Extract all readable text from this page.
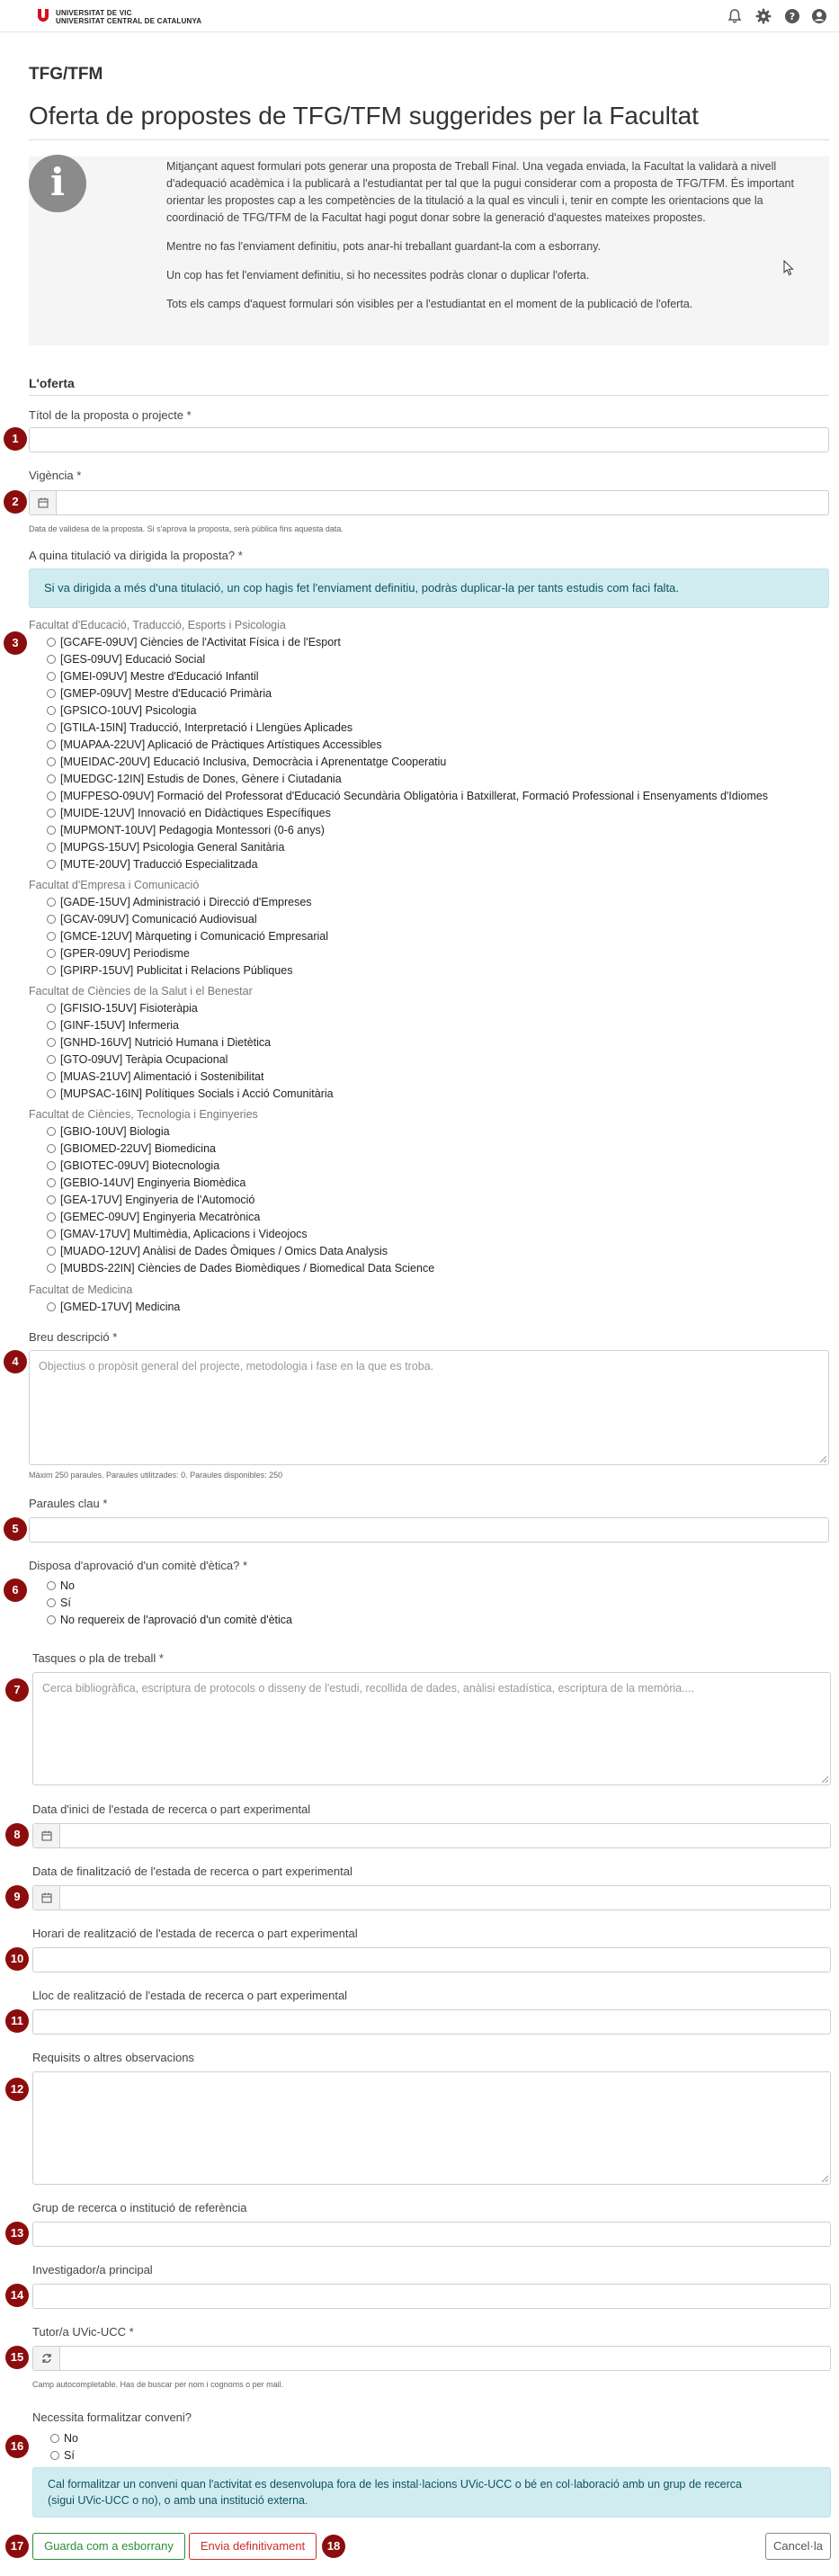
UNIVERSITAT DE VIC
UNIVERSITAT CENTRAL DE CATALUNYA	?
TFG/TFM
Oferta de propostes de TFG/TFM suggerides per la Facultat
i	Mitjançant aquest formulari pots generar una proposta de Treball Final. Una vegada enviada, la Facultat la validarà a nivell d'adequació acadèmica i la publicarà a l'estudiantat per tal que la pugui considerar com a proposta de TFG/TFM. És important orientar les propostes cap a les competències de la titulació a la qual es vinculi i, tenir en compte les orientacions que la coordinació de TFG/TFM de la Facultat hagi pogut donar sobre la generació d'aquestes mateixes propostes.

Mentre no fas l'enviament definitiu, pots anar-hi treballant guardant-la com a esborrany.

Un cop has fet l'enviament definitiu, si ho necessites podràs clonar o duplicar l'oferta.

Tots els camps d'aquest formulari són visibles per a l'estudiantat en el moment de la publicació de l'oferta.

L'oferta
Títol de la proposta o projecte *
1
Vigència *
2
Data de validesa de la proposta. Si s'aprova la proposta, serà pública fins aquesta data.
A quina titulació va dirigida la proposta? *
Si va dirigida a més d'una titulació, un cop hagis fet l'enviament definitiu, podràs duplicar-la per tants estudis com faci falta.
3
Facultat d'Educació, Traducció, Esports i Psicologia
[GCAFE-09UV] Ciències de l'Activitat Física i de l'Esport
[GES-09UV] Educació Social
[GMEI-09UV] Mestre d'Educació Infantil
[GMEP-09UV] Mestre d'Educació Primària
[GPSICO-10UV] Psicologia
[GTILA-15IN] Traducció, Interpretació i Llengües Aplicades
[MUAPAA-22UV] Aplicació de Pràctiques Artístiques Accessibles
[MUEIDAC-20UV] Educació Inclusiva, Democràcia i Aprenentatge Cooperatiu
[MUEDGC-12IN] Estudis de Dones, Gènere i Ciutadania
[MUFPESO-09UV] Formació del Professorat d'Educació Secundària Obligatòria i Batxillerat, Formació Professional i Ensenyaments d'Idiomes
[MUIDE-12UV] Innovació en Didàctiques Específiques
[MUPMONT-10UV] Pedagogia Montessori (0-6 anys)
[MUPGS-15UV] Psicologia General Sanitària
[MUTE-20UV] Traducció Especialitzada
Facultat d'Empresa i Comunicació
[GADE-15UV] Administració i Direcció d'Empreses
[GCAV-09UV] Comunicació Audiovisual
[GMCE-12UV] Màrqueting i Comunicació Empresarial
[GPER-09UV] Periodisme
[GPIRP-15UV] Publicitat i Relacions Públiques
Facultat de Ciències de la Salut i el Benestar
[GFISIO-15UV] Fisioteràpia
[GINF-15UV] Infermeria
[GNHD-16UV] Nutrició Humana i Dietètica
[GTO-09UV] Teràpia Ocupacional
[MUAS-21UV] Alimentació i Sostenibilitat
[MUPSAC-16IN] Polítiques Socials i Acció Comunitària
Facultat de Ciències, Tecnologia i Enginyeries
[GBIO-10UV] Biologia
[GBIOMED-22UV] Biomedicina
[GBIOTEC-09UV] Biotecnologia
[GEBIO-14UV] Enginyeria Biomèdica
[GEA-17UV] Enginyeria de l'Automoció
[GEMEC-09UV] Enginyeria Mecatrònica
[GMAV-17UV] Multimèdia, Aplicacions i Videojocs
[MUADO-12UV] Anàlisi de Dades Òmiques / Omics Data Analysis
[MUBDS-22IN] Ciències de Dades Biomèdiques / Biomedical Data Science
Facultat de Medicina
[GMED-17UV] Medicina
Breu descripció *
4	Objectius o propòsit general del projecte, metodologia i fase en la que es troba.
Màxim 250 paraules. Paraules utilitzades: 0. Paraules disponibles: 250
Paraules clau *
5
Disposa d'aprovació d'un comitè d'ètica? *
6	No
Sí
No requereix de l'aprovació d'un comitè d'ètica
Tasques o pla de treball *
7	Cerca bibliogràfica, escriptura de protocols o disseny de l'estudi, recollida de dades, anàlisi estadística, escriptura de la memòria....
Data d'inici de l'estada de recerca o part experimental
8
Data de finalització de l'estada de recerca o part experimental
9
Horari de realització de l'estada de recerca o part experimental
10
Lloc de realització de l'estada de recerca o part experimental
11
Requisits o altres observacions
12
Grup de recerca o institució de referència
13
Investigador/a principal
14
Tutor/a UVic-UCC *
15
Camp autocompletable. Has de buscar per nom i cognoms o per mail.
Necessita formalitzar conveni?
16
No
Sí
Cal formalitzar un conveni quan l'activitat es desenvolupa fora de les instal·lacions UVic-UCC o bé en col·laboració amb un grup de recerca
(sigui UVic-UCC o no), o amb una institució externa.
17	Guarda com a esborrany	Envia definitivament	18	Cancel·la
